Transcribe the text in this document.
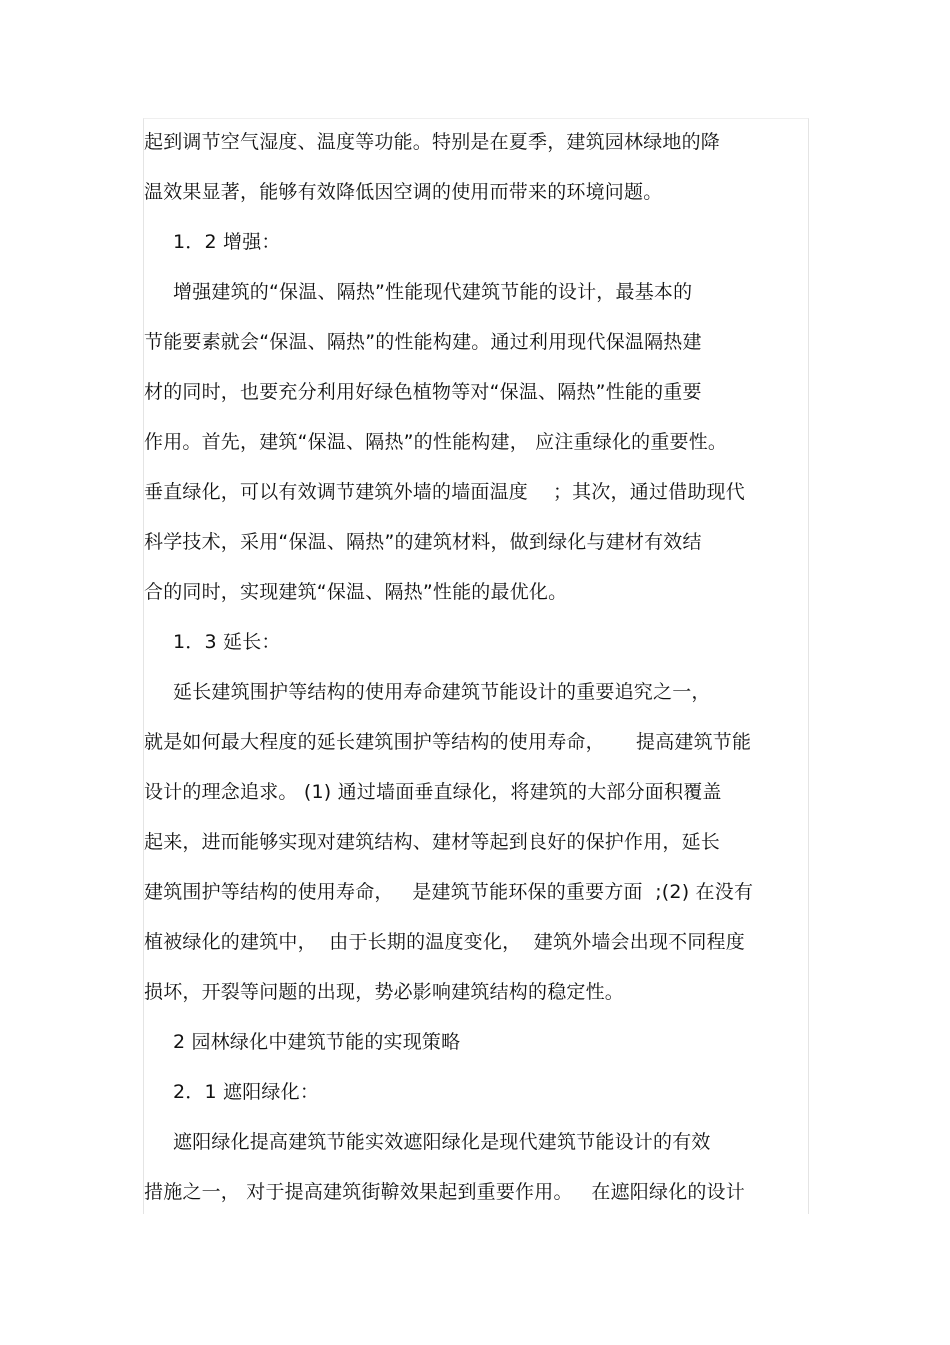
起到调节空气湿度、温度等功能。特别是在夏季，建筑园林绿地的降
温效果显著，能够有效降低因空调的使用而带来的环境问题。
1．2 增强：
增强建筑的“保温、隔热”性能现代建筑节能的设计，最基本的
节能要素就会“保温、隔热”的性能构建。通过利用现代保温隔热建
材的同时，也要充分利用好绿色植物等对“保温、隔热”性能的重要
作用。首先，建筑“保温、隔热”的性能构建， 应注重绿化的重要性。
垂直绿化，可以有效调节建筑外墙的墙面温度    ；其次，通过借助现代
科学技术，采用“保温、隔热”的建筑材料，做到绿化与建材有效结
合的同时，实现建筑“保温、隔热”性能的最优化。
1．3 延长：
延长建筑围护等结构的使用寿命建筑节能设计的重要追究之一，
就是如何最大程度的延长建筑围护等结构的使用寿命，     提高建筑节能
设计的理念追求。 (1) 通过墙面垂直绿化，将建筑的大部分面积覆盖
起来，进而能够实现对建筑结构、建材等起到良好的保护作用，延长
建筑围护等结构的使用寿命，   是建筑节能环保的重要方面  ;(2) 在没有
植被绿化的建筑中，  由于长期的温度变化，  建筑外墙会出现不同程度
损坏，开裂等问题的出现，势必影响建筑结构的稳定性。
2 园林绿化中建筑节能的实现策略
2．1 遮阳绿化：
遮阳绿化提高建筑节能实效遮阳绿化是现代建筑节能设计的有效
措施之一， 对于提高建筑街鞥效果起到重要作用。   在遮阳绿化的设计
